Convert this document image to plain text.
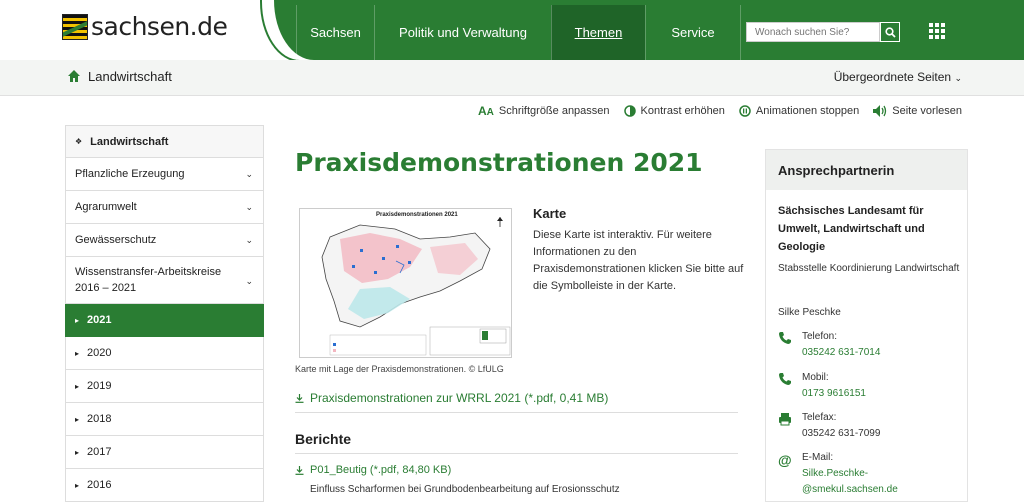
sachsen.de	Sachsen	Politik und Verwaltung	Themen	Service
Wonach suchen Sie?
Landwirtschaft	Übergeordnete Seiten ⌄
AA Schriftgröße anpassen	Kontrast erhöhen	Animationen stoppen	Seite vorlesen
❖ Landwirtschaft
Pflanzliche Erzeugung	⌄
Agrarumwelt	⌄
Gewässerschutz	⌄
Wissenstransfer-Arbeitskreise 2016 – 2021
⌄
▸ 2021
▸ 2020
▸ 2019
▸ 2018
▸ 2017
▸ 2016
Praxisdemonstrationen 2021
Praxisdemonstrationen 2021
Karte mit Lage der Praxisdemonstrationen. © LfULG
Karte
Diese Karte ist interaktiv. Für weitere Informationen zu den Praxisdemonstrationen klicken Sie bitte auf die Symbolleiste in der Karte.
Praxisdemonstrationen zur WRRL 2021 (*.pdf, 0,41 MB)
Berichte
P01_Beutig (*.pdf, 84,80 KB)
Einfluss Scharformen bei Grundbodenbearbeitung auf Erosionsschutz
Ansprechpartnerin
Sächsisches Landesamt für Umwelt, Landwirtschaft und Geologie
Stabsstelle Koordinierung Landwirtschaft
Silke Peschke
Telefon:
035242 631-7014
Mobil:
0173 9616151
Telefax:
035242 631-7099
@ E-Mail:
Silke.Peschke-
@smekul.sachsen.de
